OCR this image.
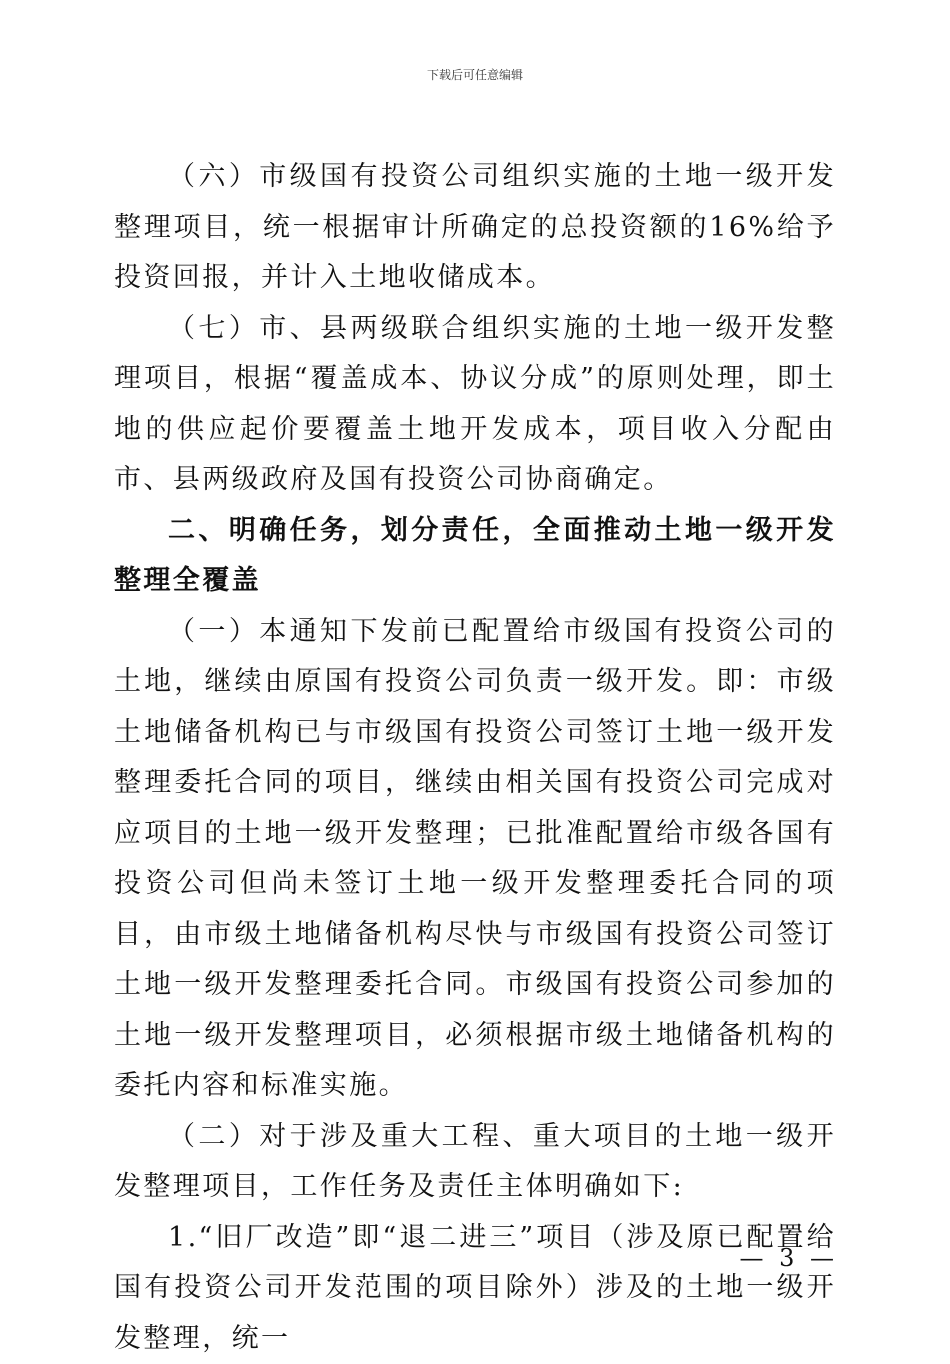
下载后可任意编辑

（六）市级国有投资公司组织实施的土地一级开发整理项目，统一根据审计所确定的总投资额的16%给予投资回报，并计入土地收储成本。

（七）市、县两级联合组织实施的土地一级开发整理项目，根据“覆盖成本、协议分成”的原则处理，即土地的供应起价要覆盖土地开发成本，项目收入分配由市、县两级政府及国有投资公司协商确定。

二、明确任务，划分责任，全面推动土地一级开发整理全覆盖

（一）本通知下发前已配置给市级国有投资公司的土地，继续由原国有投资公司负责一级开发。即：市级土地储备机构已与市级国有投资公司签订土地一级开发整理委托合同的项目，继续由相关国有投资公司完成对应项目的土地一级开发整理；已批准配置给市级各国有投资公司但尚未签订土地一级开发整理委托合同的项目，由市级土地储备机构尽快与市级国有投资公司签订土地一级开发整理委托合同。市级国有投资公司参加的土地一级开发整理项目，必须根据市级土地储备机构的委托内容和标准实施。

（二）对于涉及重大工程、重大项目的土地一级开发整理项目，工作任务及责任主体明确如下:

1.“旧厂改造”即“退二进三”项目（涉及原已配置给国有投资公司开发范围的项目除外）涉及的土地一级开发整理，统一

— 3 —
